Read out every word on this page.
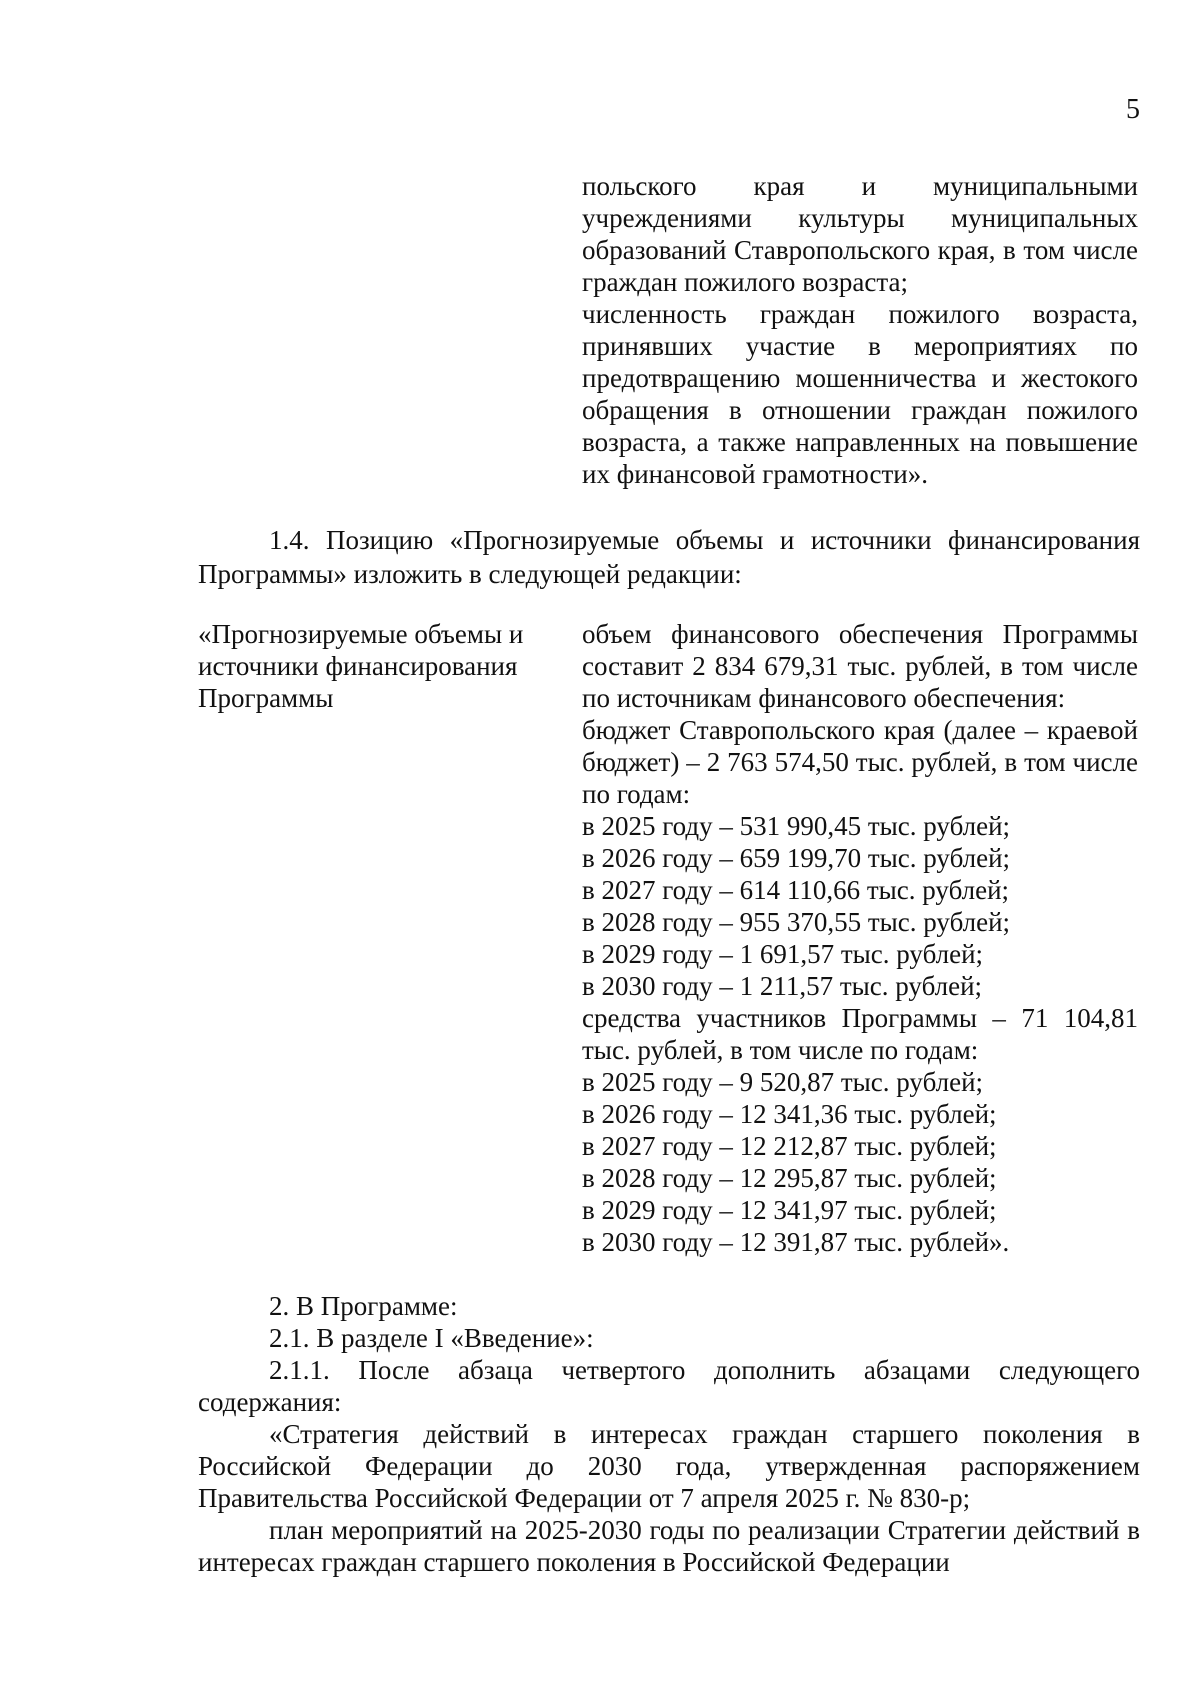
5

польского края и муниципальными учреждениями культуры муниципальных образований Ставропольского края, в том числе граждан пожилого возраста;

численность граждан пожилого возраста, принявших участие в мероприятиях по предотвращению мошенничества и жестокого обращения в отношении граждан пожилого возраста, а также направленных на повышение их финансовой грамотности».

1.4. Позицию «Прогнозируемые объемы и источники финансирования Программы» изложить в следующей редакции:

«Прогнозируемые объемы и
источники финансирования
Программы

объем финансового обеспечения Программы составит 2 834 679,31 тыс. рублей, в том числе по источникам финансового обеспечения:

бюджет Ставропольского края (далее – краевой бюджет) – 2 763 574,50 тыс. рублей, в том числе по годам:

в 2025 году – 531 990,45 тыс. рублей;
в 2026 году – 659 199,70 тыс. рублей;
в 2027 году – 614 110,66 тыс. рублей;
в 2028 году – 955 370,55 тыс. рублей;
в 2029 году – 1 691,57 тыс. рублей;
в 2030 году – 1 211,57 тыс. рублей;

средства участников Программы – 71 104,81 тыс. рублей, в том числе по годам:

в 2025 году – 9 520,87 тыс. рублей;
в 2026 году – 12 341,36 тыс. рублей;
в 2027 году – 12 212,87 тыс. рублей;
в 2028 году – 12 295,87 тыс. рублей;
в 2029 году – 12 341,97 тыс. рублей;
в 2030 году – 12 391,87 тыс. рублей».

2. В Программе:

2.1. В разделе I «Введение»:

2.1.1. После абзаца четвертого дополнить абзацами следующего содержания:

«Стратегия действий в интересах граждан старшего поколения в Российской Федерации до 2030 года, утвержденная распоряжением Правительства Российской Федерации от 7 апреля 2025 г. № 830-р;

план мероприятий на 2025-2030 годы по реализации Стратегии действий в интересах граждан старшего поколения в Российской Федерации
